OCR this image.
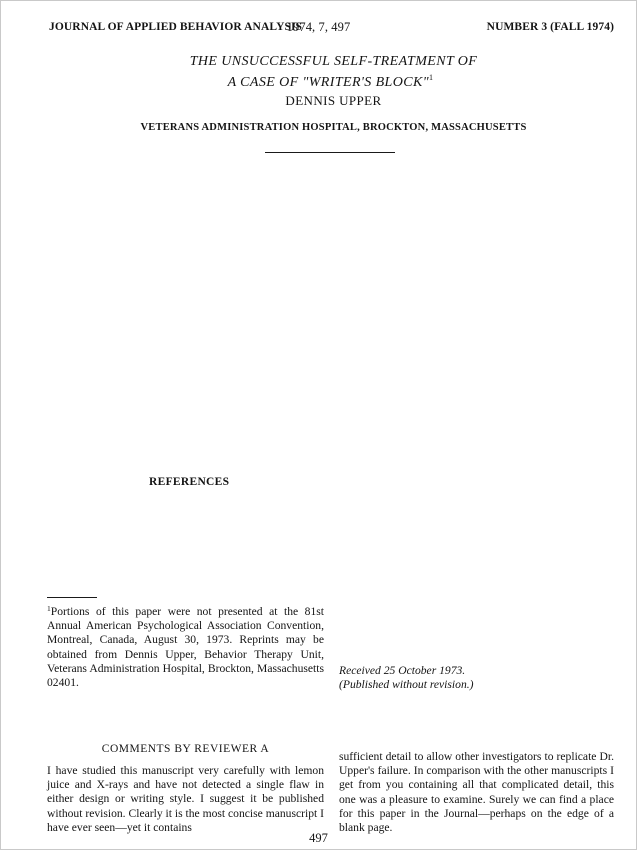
JOURNAL OF APPLIED BEHAVIOR ANALYSIS
1974, 7, 497	NUMBER 3 (FALL 1974)
THE UNSUCCESSFUL SELF-TREATMENT OF
A CASE OF "WRITER'S BLOCK"$^1$
DENNIS UPPER
VETERANS ADMINISTRATION HOSPITAL, BROCKTON, MASSACHUSETTS
REFERENCES
$^1$Portions of this paper were not presented at the 81st Annual American Psychological Association Convention, Montreal, Canada, August 30, 1973. Reprints may be obtained from Dennis Upper, Behavior Therapy Unit, Veterans Administration Hospital, Brockton, Massachusetts 02401.
Received 25 October 1973.
(Published without revision.)
COMMENTS BY REVIEWER A
I have studied this manuscript very carefully with lemon juice and X-rays and have not detected a single flaw in either design or writing style. I suggest it be published without revision. Clearly it is the most concise manuscript I have ever seen—yet it contains
sufficient detail to allow other investigators to replicate Dr. Upper's failure. In comparison with the other manuscripts I get from you containing all that complicated detail, this one was a pleasure to examine. Surely we can find a place for this paper in the Journal—perhaps on the edge of a blank page.
497
